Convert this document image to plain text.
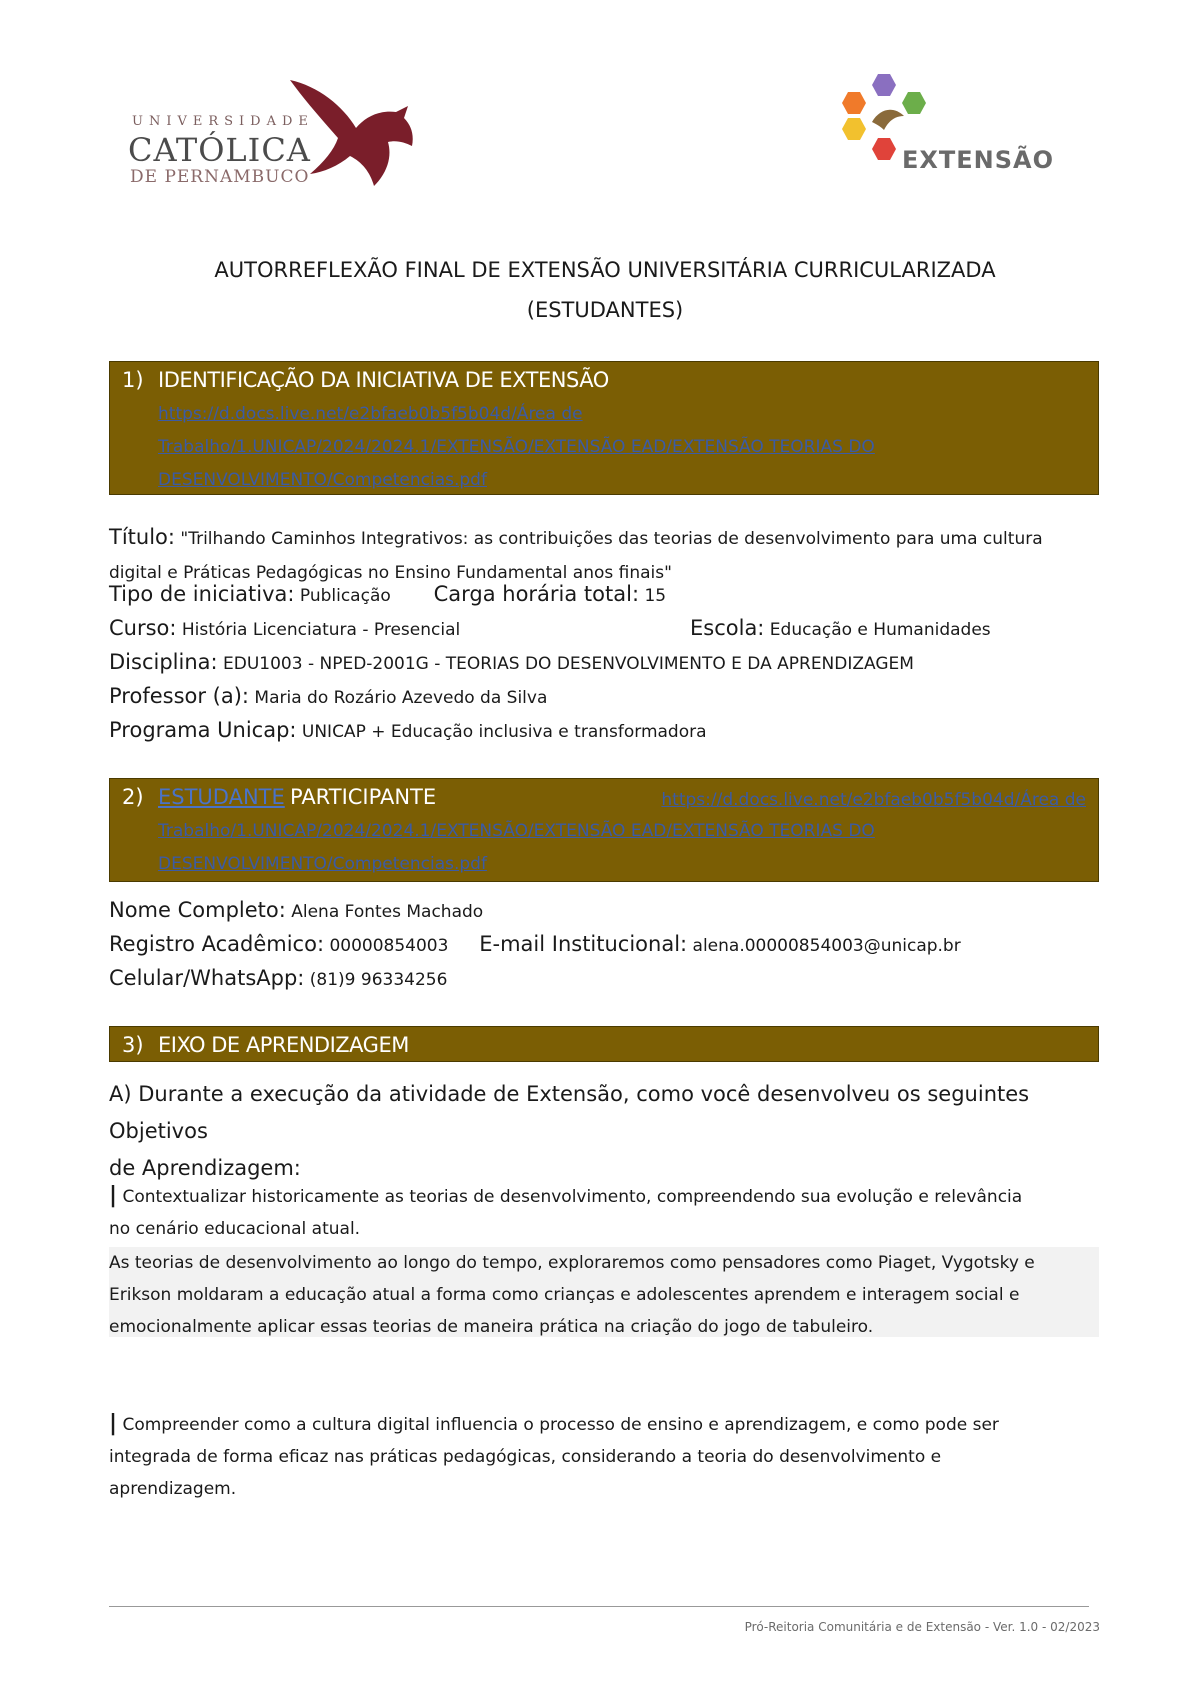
UNIVERSIDADE
CATÓLICA
DE PERNAMBUCO
EXTENSÃO
AUTORREFLEXÃO FINAL DE EXTENSÃO UNIVERSITÁRIA CURRICULARIZADA
(ESTUDANTES)
1) IDENTIFICAÇÃO DA INICIATIVA DE EXTENSÃO
https://d.docs.live.net/e2bfaeb0b5f5b04d/Área de
Trabalho/1.UNICAP/2024/2024.1/EXTENSÃO/EXTENSÃO EAD/EXTENSÃO TEORIAS DO
DESENVOLVIMENTO/Competencias.pdf
Título: "Trilhando Caminhos Integrativos: as contribuições das teorias de desenvolvimento para uma cultura
digital e Práticas Pedagógicas no Ensino Fundamental anos finais"
Tipo de iniciativa: Publicação Carga horária total: 15
Curso: História Licenciatura - Presencial	Escola: Educação e Humanidades
Disciplina: EDU1003 - NPED-2001G - TEORIAS DO DESENVOLVIMENTO E DA APRENDIZAGEM
Professor (a): Maria do Rozário Azevedo da Silva
Programa Unicap: UNICAP + Educação inclusiva e transformadora
2) ESTUDANTE PARTICIPANTE	https://d.docs.live.net/e2bfaeb0b5f5b04d/Área de
Trabalho/1.UNICAP/2024/2024.1/EXTENSÃO/EXTENSÃO EAD/EXTENSÃO TEORIAS DO
DESENVOLVIMENTO/Competencias.pdf
Nome Completo: Alena Fontes Machado
Registro Acadêmico: 00000854003 E-mail Institucional: alena.00000854003@unicap.br
Celular/WhatsApp: (81)9 96334256
3) EIXO DE APRENDIZAGEM
A) Durante a execução da atividade de Extensão, como você desenvolveu os seguintes Objetivos
de Aprendizagem:
| Contextualizar historicamente as teorias de desenvolvimento, compreendendo sua evolução e relevância
no cenário educacional atual.
As teorias de desenvolvimento ao longo do tempo, exploraremos como pensadores como Piaget, Vygotsky e
Erikson moldaram a educação atual a forma como crianças e adolescentes aprendem e interagem social e
emocionalmente aplicar essas teorias de maneira prática na criação do jogo de tabuleiro.
| Compreender como a cultura digital influencia o processo de ensino e aprendizagem, e como pode ser
integrada de forma eficaz nas práticas pedagógicas, considerando a teoria do desenvolvimento e
aprendizagem.
Pró-Reitoria Comunitária e de Extensão - Ver. 1.0 - 02/2023
